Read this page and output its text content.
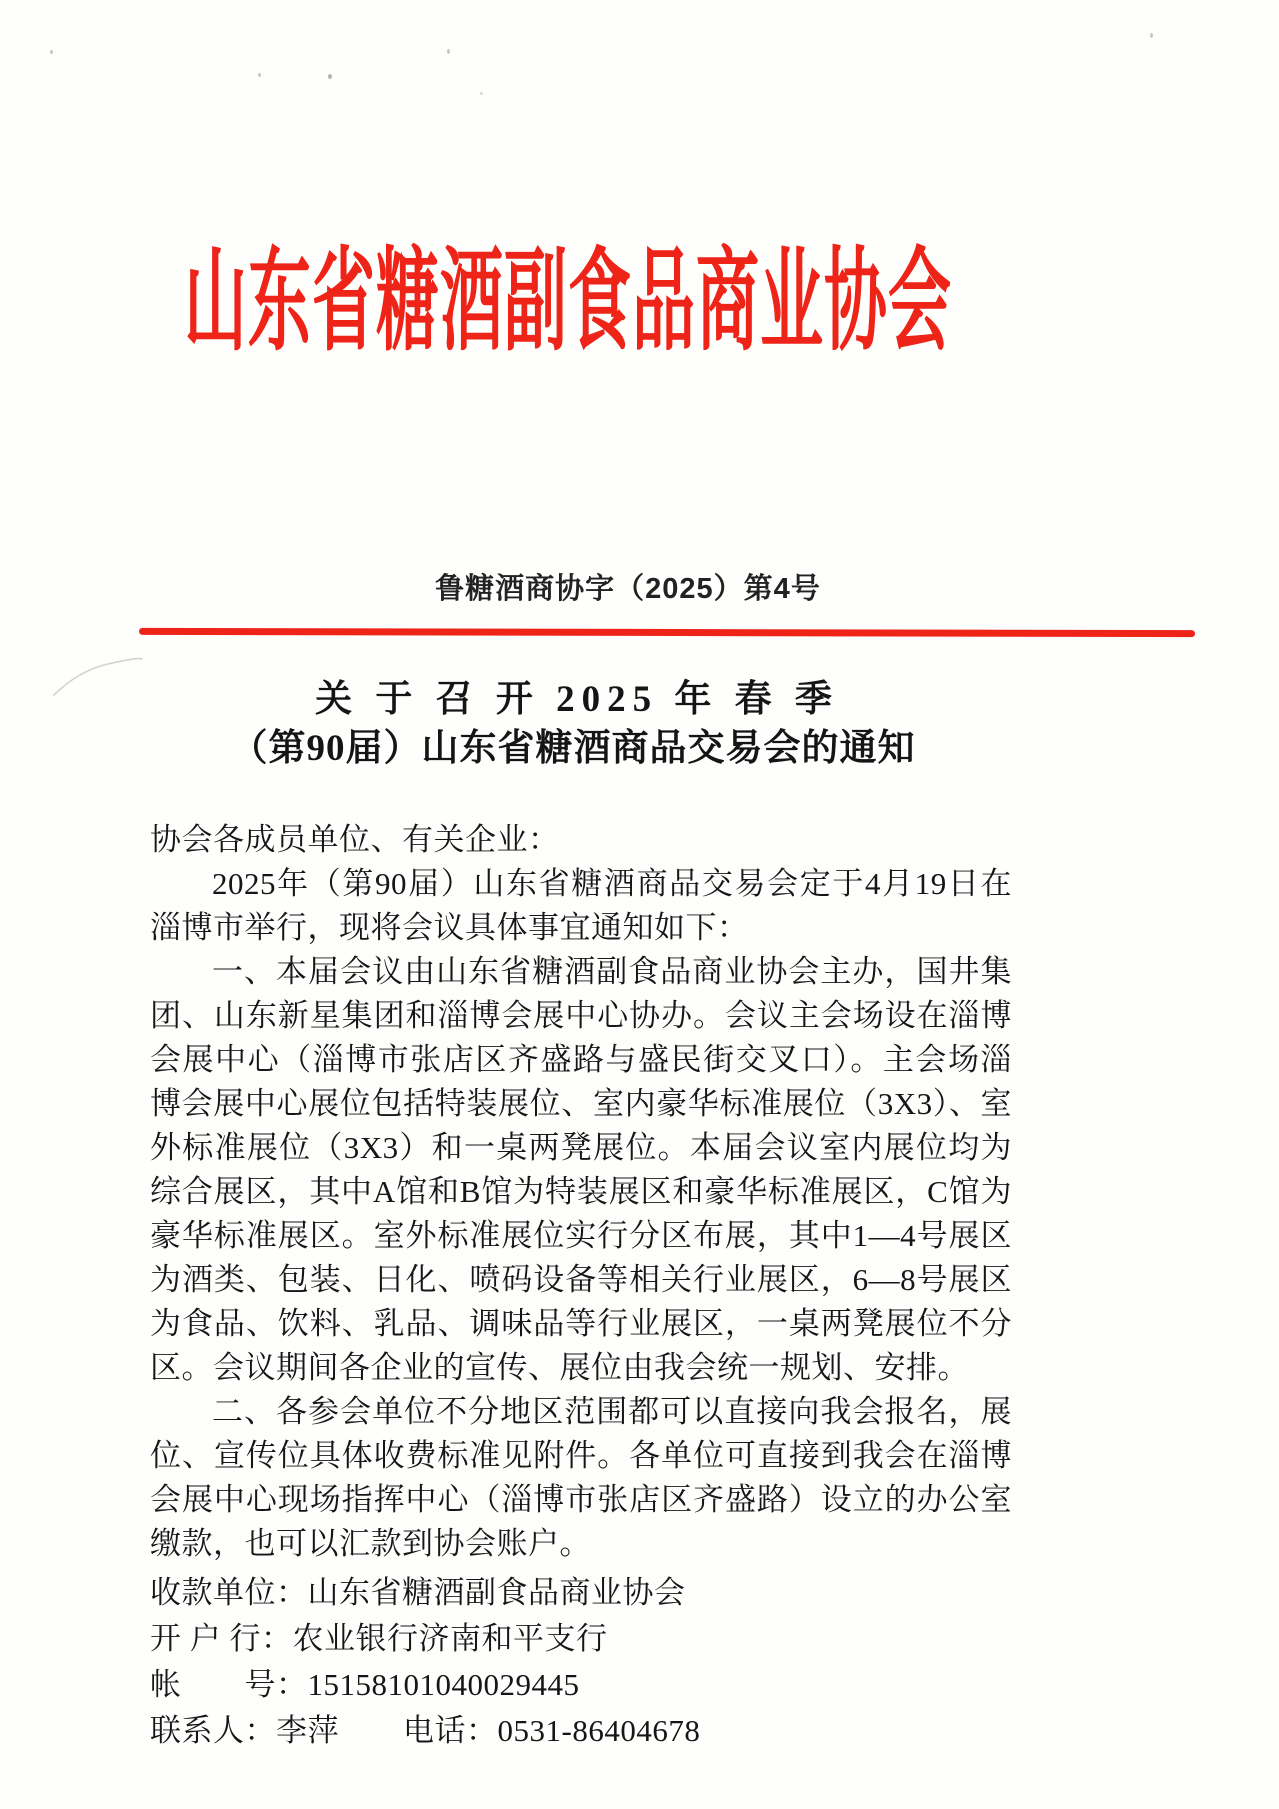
山东省糖酒副食品商业协会
鲁糖酒商协字（2025）第4号
关 于 召 开 2025 年 春 季
（第90届）山东省糖酒商品交易会的通知

协会各成员单位、有关企业：

2025年（第90届）山东省糖酒商品交易会定于4月19日在淄博市举行，现将会议具体事宜通知如下：

一、本届会议由山东省糖酒副食品商业协会主办，国井集团、山东新星集团和淄博会展中心协办。会议主会场设在淄博会展中心（淄博市张店区齐盛路与盛民街交叉口）。主会场淄博会展中心展位包括特装展位、室内豪华标准展位（3X3）、室外标准展位（3X3）和一桌两凳展位。本届会议室内展位均为综合展区，其中A馆和B馆为特装展区和豪华标准展区，C馆为豪华标准展区。室外标准展位实行分区布展，其中1—4号展区为酒类、包装、日化、喷码设备等相关行业展区，6—8号展区为食品、饮料、乳品、调味品等行业展区，一桌两凳展位不分区。会议期间各企业的宣传、展位由我会统一规划、安排。

二、各参会单位不分地区范围都可以直接向我会报名，展位、宣传位具体收费标准见附件。各单位可直接到我会在淄博会展中心现场指挥中心（淄博市张店区齐盛路）设立的办公室缴款，也可以汇款到协会账户。

收款单位：山东省糖酒副食品商业协会

开 户 行：农业银行济南和平支行

帐　　号：15158101040029445

联系人：李萍 电话：0531-86404678
